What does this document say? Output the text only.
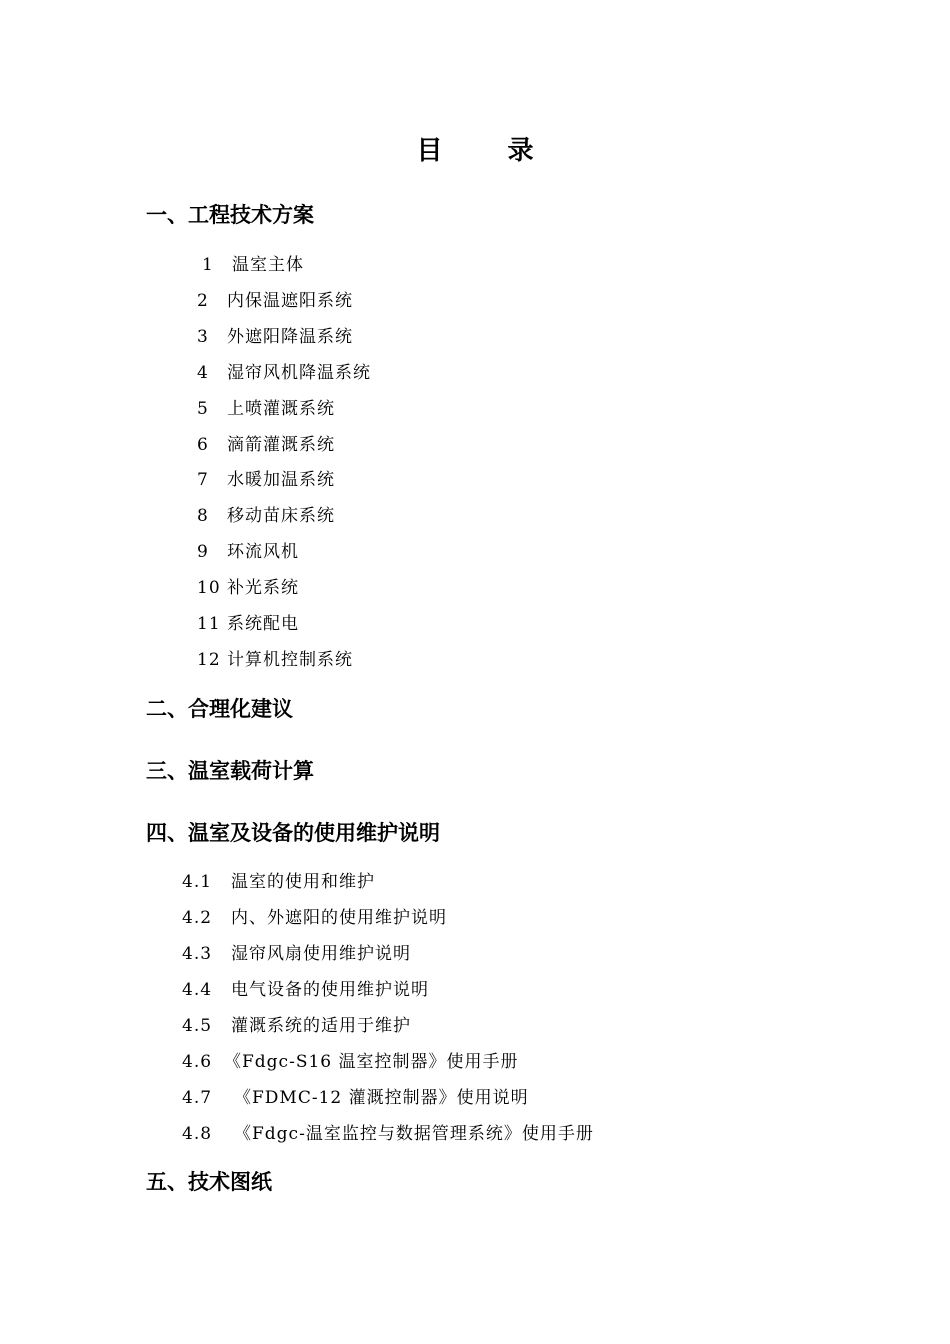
目 录
一、工程技术方案
1 温室主体
2 内保温遮阳系统
3 外遮阳降温系统
4 湿帘风机降温系统
5 上喷灌溉系统
6 滴箭灌溉系统
7 水暖加温系统
8 移动苗床系统
9 环流风机
10 补光系统
11 系统配电
12 计算机控制系统
二、合理化建议
三、温室载荷计算
四、温室及设备的使用维护说明
4.1 温室的使用和维护
4.2 内、外遮阳的使用维护说明
4.3 湿帘风扇使用维护说明
4.4 电气设备的使用维护说明
4.5 灌溉系统的适用于维护
4.6 《Fdgc-S16 温室控制器》使用手册
4.7 《FDMC-12 灌溉控制器》使用说明
4.8 《Fdgc-温室监控与数据管理系统》使用手册
五、技术图纸
